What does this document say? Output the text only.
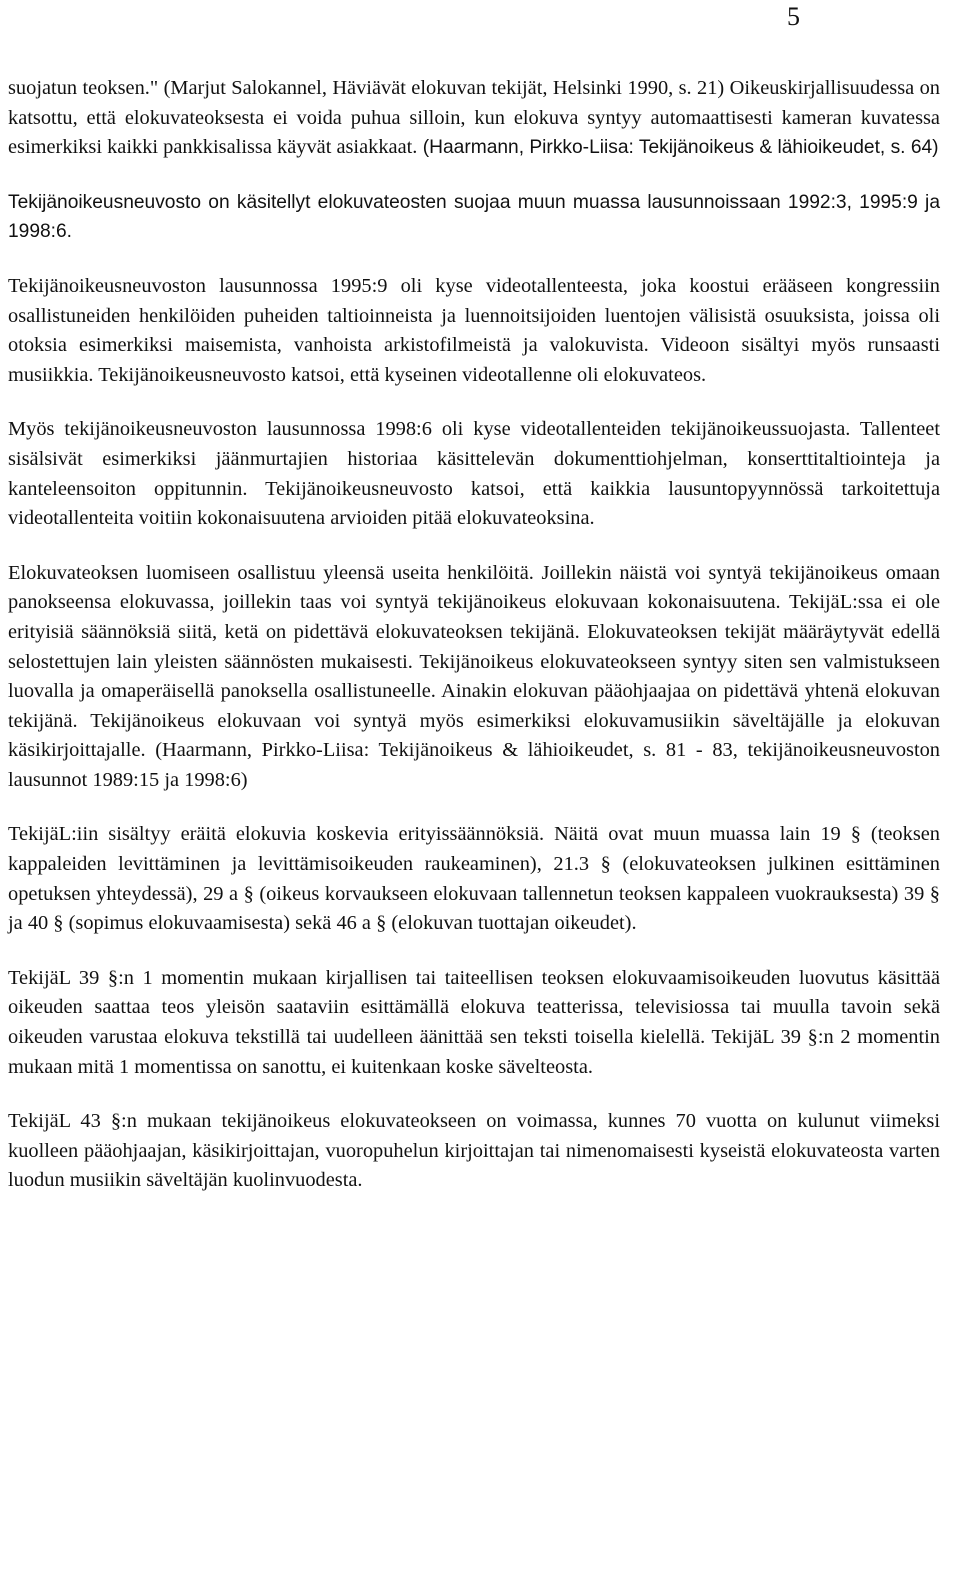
5

suojatun teoksen." (Marjut Salokannel, Häviävät elokuvan tekijät, Helsinki 1990, s. 21) Oikeuskirjallisuudessa on katsottu, että elokuvateoksesta ei voida puhua silloin, kun elokuva syntyy automaattisesti kameran kuvatessa esimerkiksi kaikki pankkisalissa käyvät asiakkaat. (Haarmann, Pirkko-Liisa: Tekijänoikeus & lähioikeudet, s. 64)

Tekijänoikeusneuvosto on käsitellyt elokuvateosten suojaa muun muassa lausunnoissaan 1992:3, 1995:9 ja 1998:6.

Tekijänoikeusneuvoston lausunnossa 1995:9 oli kyse videotallenteesta, joka koostui erääseen kongressiin osallistuneiden henkilöiden puheiden taltioinneista ja luennoitsijoiden luentojen välisistä osuuksista, joissa oli otoksia esimerkiksi maisemista, vanhoista arkistofilmeistä ja valokuvista. Videoon sisältyi myös runsaasti musiikkia. Tekijänoikeusneuvosto katsoi, että kyseinen videotallenne oli elokuvateos.

Myös tekijänoikeusneuvoston lausunnossa 1998:6 oli kyse videotallenteiden tekijänoikeussuojasta. Tallenteet sisälsivät esimerkiksi jäänmurtajien historiaa käsittelevän dokumenttiohjelman, konserttitaltiointeja ja kanteleensoiton oppitunnin. Tekijänoikeusneuvosto katsoi, että kaikkia lausuntopyynnössä tarkoitettuja videotallenteita voitiin kokonaisuutena arvioiden pitää elokuvateoksina.

Elokuvateoksen luomiseen osallistuu yleensä useita henkilöitä. Joillekin näistä voi syntyä tekijänoikeus omaan panokseensa elokuvassa, joillekin taas voi syntyä tekijänoikeus elokuvaan kokonaisuutena. TekijäL:ssa ei ole erityisiä säännöksiä siitä, ketä on pidettävä elokuvateoksen tekijänä. Elokuvateoksen tekijät määräytyvät edellä selostettujen lain yleisten säännösten mukaisesti. Tekijänoikeus elokuvateokseen syntyy siten sen valmistukseen luovalla ja omaperäisellä panoksella osallistuneelle. Ainakin elokuvan pääohjaajaa on pidettävä yhtenä elokuvan tekijänä. Tekijänoikeus elokuvaan voi syntyä myös esimerkiksi elokuvamusiikin säveltäjälle ja elokuvan käsikirjoittajalle. (Haarmann, Pirkko-Liisa: Tekijänoikeus & lähioikeudet, s. 81 - 83, tekijänoikeusneuvoston lausunnot 1989:15 ja 1998:6)

TekijäL:iin sisältyy eräitä elokuvia koskevia erityissäännöksiä. Näitä ovat muun muassa lain 19 § (teoksen kappaleiden levittäminen ja levittämisoikeuden raukeaminen), 21.3 § (elokuvateoksen julkinen esittäminen opetuksen yhteydessä), 29 a § (oikeus korvaukseen elokuvaan tallennetun teoksen kappaleen vuokrauksesta) 39 § ja 40 § (sopimus elokuvaamisesta) sekä 46 a § (elokuvan tuottajan oikeudet).

TekijäL 39 §:n 1 momentin mukaan kirjallisen tai taiteellisen teoksen elokuvaamisoikeuden luovutus käsittää oikeuden saattaa teos yleisön saataviin esittämällä elokuva teatterissa, televisiossa tai muulla tavoin sekä oikeuden varustaa elokuva tekstillä tai uudelleen äänittää sen teksti toisella kielellä. TekijäL 39 §:n 2 momentin mukaan mitä 1 momentissa on sanottu, ei kuitenkaan koske sävelteosta.

TekijäL 43 §:n mukaan tekijänoikeus elokuvateokseen on voimassa, kunnes 70 vuotta on kulunut viimeksi kuolleen pääohjaajan, käsikirjoittajan, vuoropuhelun kirjoittajan tai nimenomaisesti kyseistä elokuvateosta varten luodun musiikin säveltäjän kuolinvuodesta.
